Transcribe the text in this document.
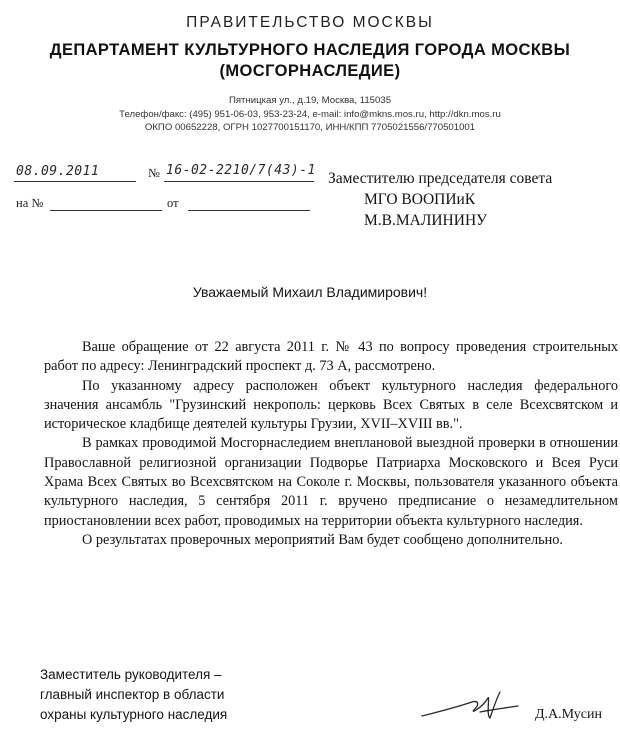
ПРАВИТЕЛЬСТВО МОСКВЫ
ДЕПАРТАМЕНТ КУЛЬТУРНОГО НАСЛЕДИЯ ГОРОДА МОСКВЫ
(МОСГОРНАСЛЕДИЕ)
Пятницкая ул., д.19, Москва, 115035
Телефон/факс: (495) 951-06-03, 953-23-24, e-mail: info@mkns.mos.ru, http://dkn.mos.ru
ОКПО 00652228, ОГРН 1027700151170, ИНН/КПП 7705021556/770501001
08.09.2011	№ 16-02-2210/7(43)-1
на №	от
Заместителю председателя совета
МГО ВООПИиК
М.В.МАЛИНИНУ
Уважаемый Михаил Владимирович!

Ваше обращение от 22 августа 2011 г. № 43 по вопросу проведения строительных работ по адресу: Ленинградский проспект д. 73 А, рассмотрено.

По указанному адресу расположен объект культурного наследия федерального значения ансамбль "Грузинский некрополь: церковь Всех Святых в селе Всехсвятском и историческое кладбище деятелей культуры Грузии, XVII–XVIII вв.".

В рамках проводимой Мосгорнаследием внеплановой выездной проверки в отношении Православной религиозной организации Подворье Патриарха Московского и Всея Руси Храма Всех Святых во Всехсвятском на Соколе г. Москвы, пользователя указанного объекта культурного наследия, 5 сентября 2011 г. вручено предписание о незамедлительном приостановлении всех работ, проводимых на территории объекта культурного наследия.

О результатах проверочных мероприятий Вам будет сообщено дополнительно.

Заместитель руководителя –
главный инспектор в области
охраны культурного наследия	Д.А.Мусин
